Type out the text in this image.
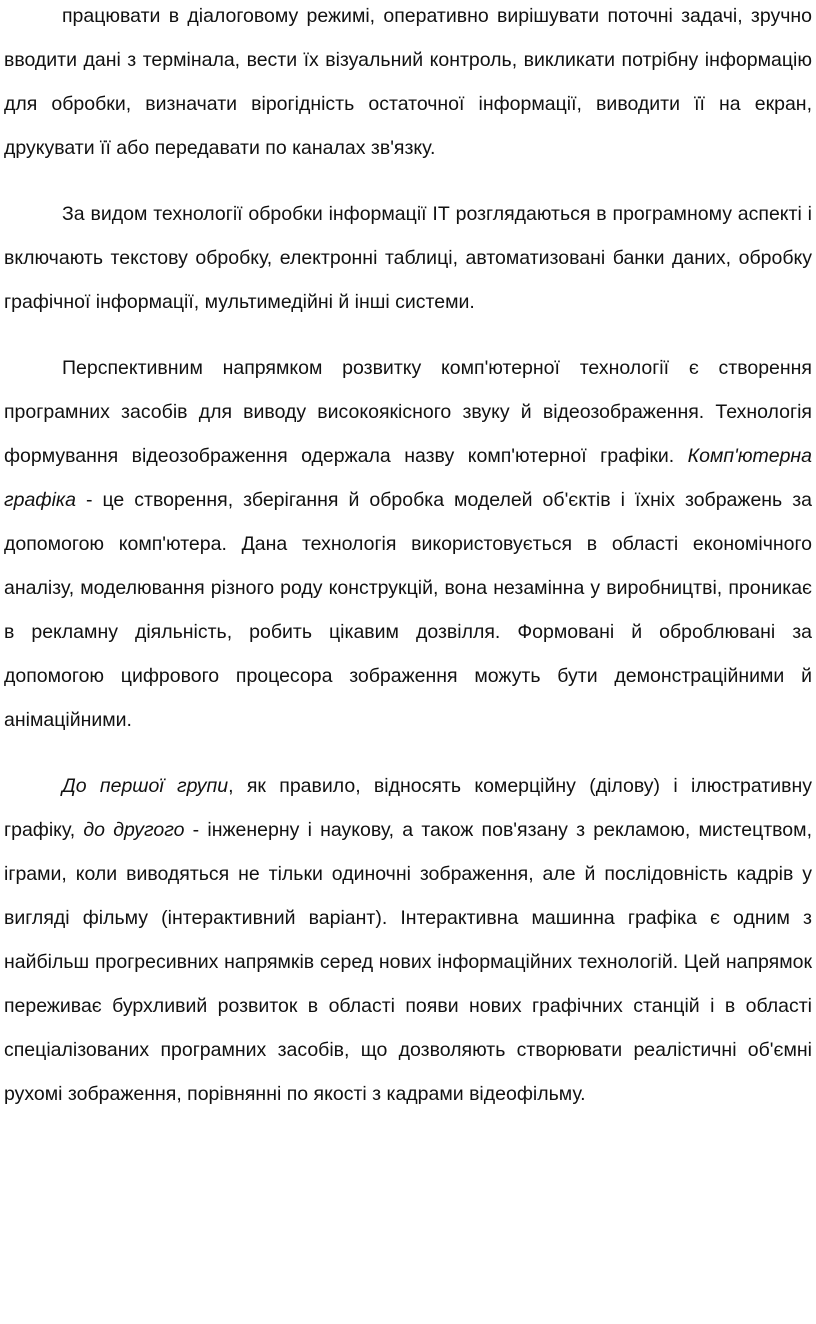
працювати в діалоговому режимі, оперативно вирішувати поточні задачі, зручно вводити дані з термінала, вести їх візуальний контроль, викликати потрібну інформацію для обробки, визначати вірогідність остаточної інформації, виводити її на екран, друкувати її або передавати по каналах зв'язку.

За видом технології обробки інформації ІТ розглядаються в програмному аспекті і включають текстову обробку, електронні таблиці, автоматизовані банки даних, обробку графічної інформації, мультимедійні й інші системи.

Перспективним напрямком розвитку комп'ютерної технології є створення програмних засобів для виводу високоякісного звуку й відеозображення. Технологія формування відеозображення одержала назву комп'ютерної графіки. Комп'ютерна графіка - це створення, зберігання й обробка моделей об'єктів і їхніх зображень за допомогою комп'ютера. Дана технологія використовується в області економічного аналізу, моделювання різного роду конструкцій, вона незамінна у виробництві, проникає в рекламну діяльність, робить цікавим дозвілля. Формовані й оброблювані за допомогою цифрового процесора зображення можуть бути демонстраційними й анімаційними.

До першої групи, як правило, відносять комерційну (ділову) і ілюстративну графіку, до другого - інженерну і наукову, а також пов'язану з рекламою, мистецтвом, іграми, коли виводяться не тільки одиночні зображення, але й послідовність кадрів у вигляді фільму (інтерактивний варіант). Інтерактивна машинна графіка є одним з найбільш прогресивних напрямків серед нових інформаційних технологій. Цей напрямок переживає бурхливий розвиток в області появи нових графічних станцій і в області спеціалізованих програмних засобів, що дозволяють створювати реалістичні об'ємні рухомі зображення, порівнянні по якості з кадрами відеофільму.
